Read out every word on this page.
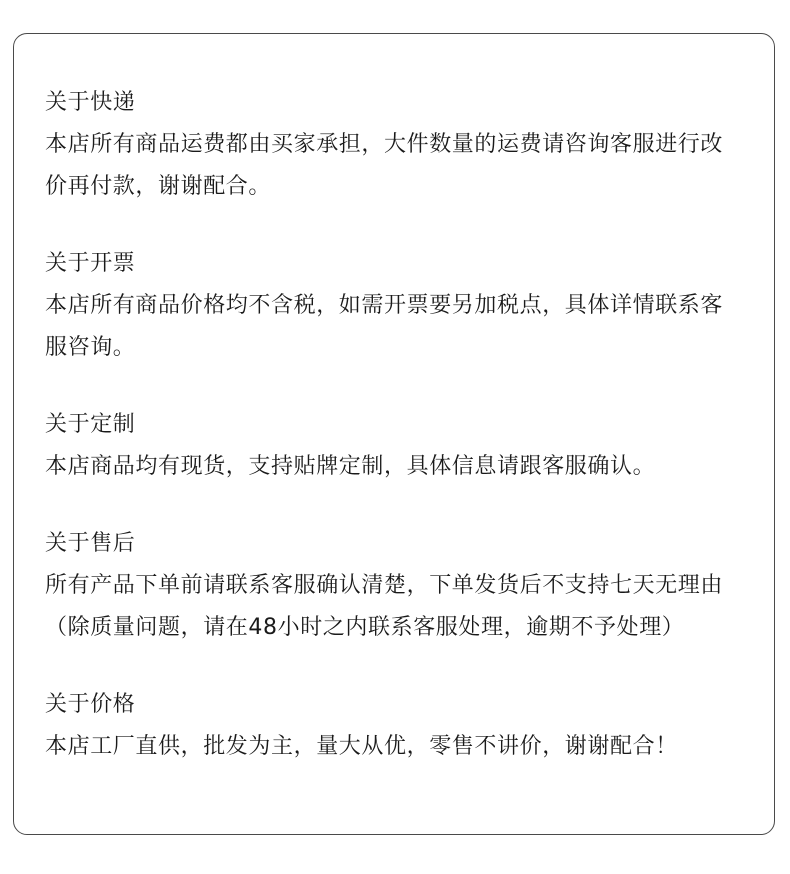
关于快递

本店所有商品运费都由买家承担，大件数量的运费请咨询客服进行改价再付款，谢谢配合。

关于开票

本店所有商品价格均不含税，如需开票要另加税点，具体详情联系客服咨询。

关于定制

本店商品均有现货，支持贴牌定制，具体信息请跟客服确认。

关于售后

所有产品下单前请联系客服确认清楚，下单发货后不支持七天无理由（除质量问题，请在48小时之内联系客服处理，逾期不予处理）

关于价格

本店工厂直供，批发为主，量大从优，零售不讲价，谢谢配合！
